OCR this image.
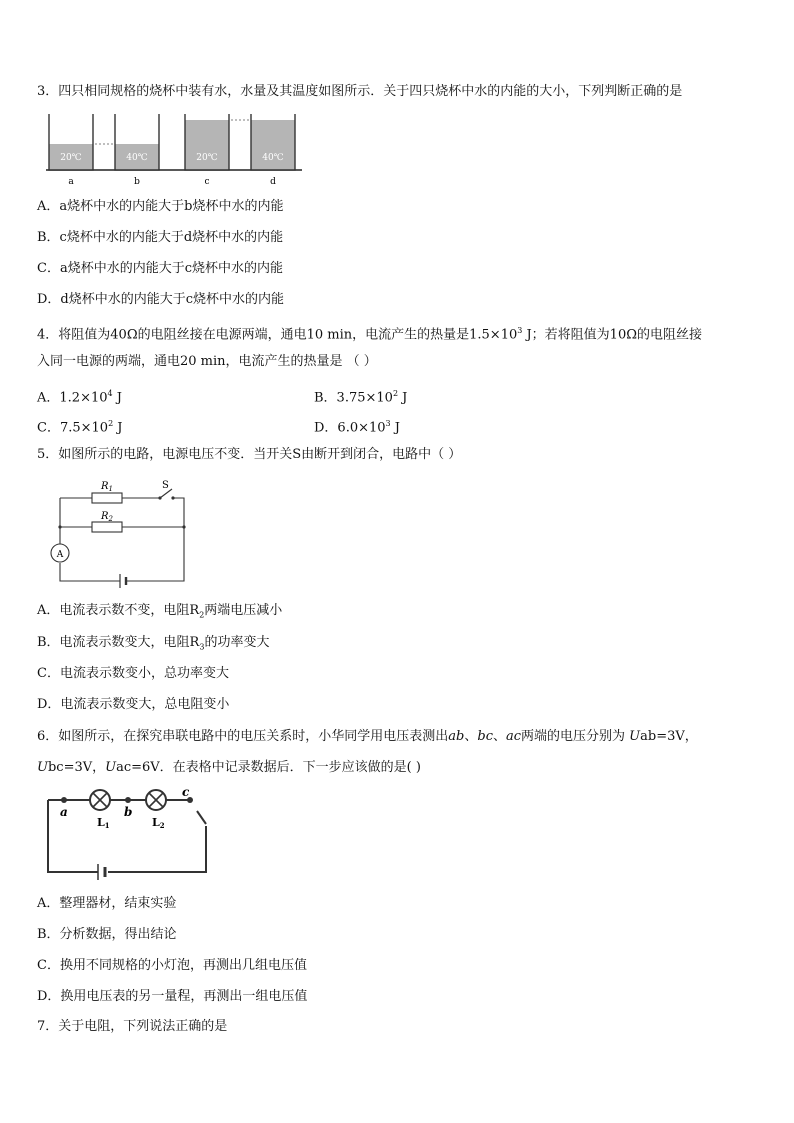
3．四只相同规格的烧杯中装有水，水量及其温度如图所示．关于四只烧杯中水的内能的大小，下列判断正确的是
20℃
a
40℃
b
20℃
c
40℃
d
A．a烧杯中水的内能大于b烧杯中水的内能
B．c烧杯中水的内能大于d烧杯中水的内能
C．a烧杯中水的内能大于c烧杯中水的内能
D．d烧杯中水的内能大于c烧杯中水的内能
4．将阻值为40Ω的电阻丝接在电源两端，通电10 min，电流产生的热量是$1.5\times 10^3$ J；若将阻值为10Ω的电阻丝接
入同一电源的两端，通电20 min，电流产生的热量是 （ ）
A．$1.2\times 10^4$ J	B．$3.75\times 10^2$ J
C．$7.5\times 10^2$ J	D．$6.0\times 10^3$ J
5．如图所示的电路，电源电压不变．当开关S由断开到闭合，电路中（ ）
$R_1$
$R_2$
S
A
A．电流表示数不变，电阻$R_2$两端电压减小
B．电流表示数变大，电阻$R_3$的功率变大
C．电流表示数变小，总功率变大
D．电流表示数变大，总电阻变小
6．如图所示，在探究串联电路中的电压关系时，小华同学用电压表测出ab、bc、ac两端的电压分别为 Uab=3V，
Ubc=3V，Uac=6V．在表格中记录数据后．下一步应该做的是( )
a	b
c
L1	L2
A．整理器材，结束实验
B．分析数据，得出结论
C．换用不同规格的小灯泡，再测出几组电压值
D．换用电压表的另一量程，再测出一组电压值
7．关于电阻，下列说法正确的是
